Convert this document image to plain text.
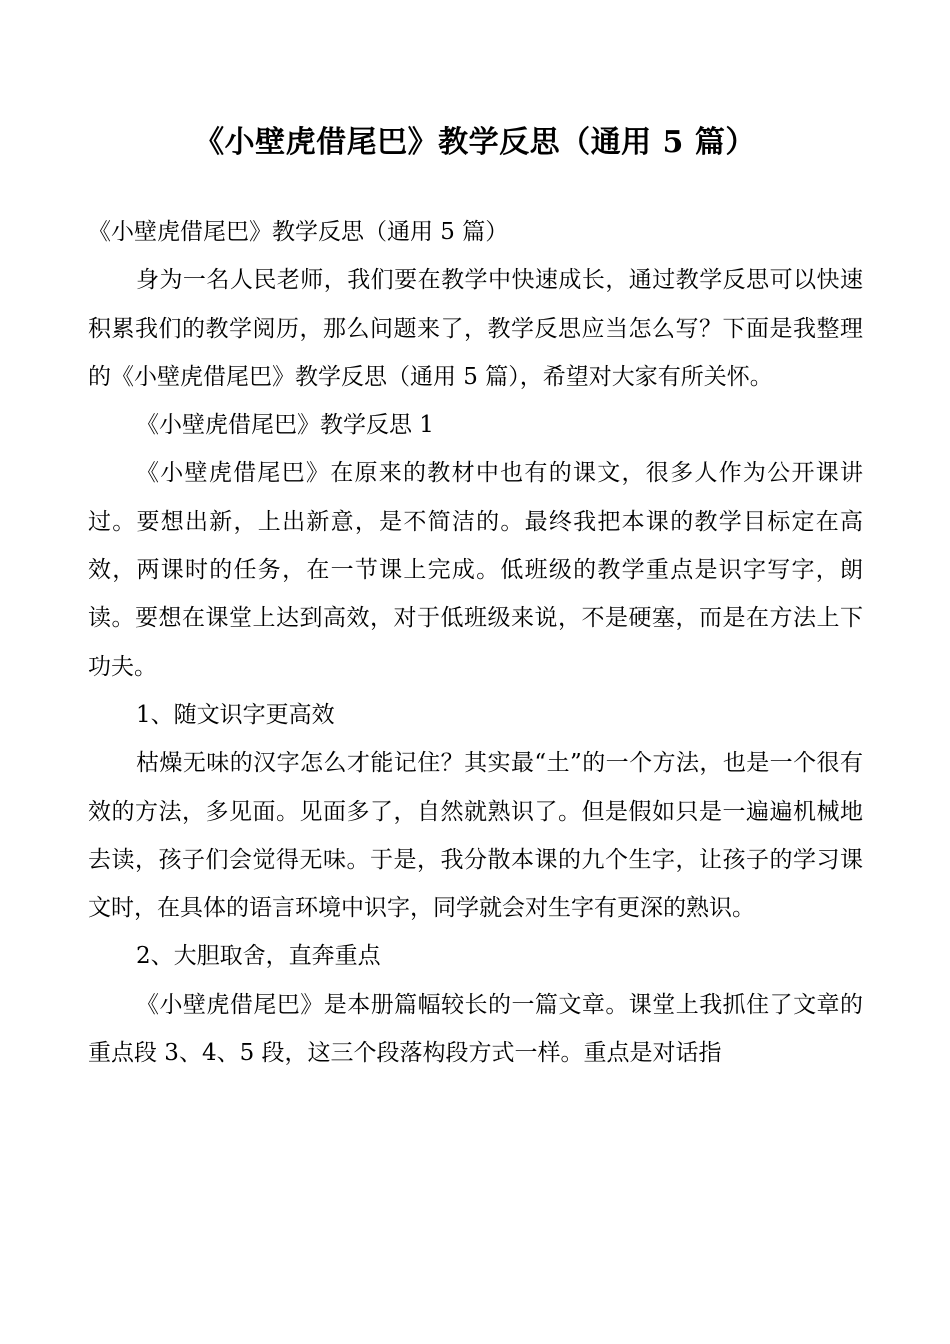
《小壁虎借尾巴》教学反思（通用 5 篇）

《小壁虎借尾巴》教学反思（通用 5 篇）

身为一名人民老师，我们要在教学中快速成长，通过教学反思可以快速积累我们的教学阅历，那么问题来了，教学反思应当怎么写？下面是我整理的《小壁虎借尾巴》教学反思（通用 5 篇），希望对大家有所关怀。

《小壁虎借尾巴》教学反思 1

《小壁虎借尾巴》在原来的教材中也有的课文，很多人作为公开课讲过。要想出新，上出新意，是不简洁的。最终我把本课的教学目标定在高效，两课时的任务，在一节课上完成。低班级的教学重点是识字写字，朗读。要想在课堂上达到高效，对于低班级来说，不是硬塞，而是在方法上下功夫。

1、随文识字更高效

枯燥无味的汉字怎么才能记住？其实最“土”的一个方法，也是一个很有效的方法，多见面。见面多了，自然就熟识了。但是假如只是一遍遍机械地去读，孩子们会觉得无味。于是，我分散本课的九个生字，让孩子的学习课文时，在具体的语言环境中识字，同学就会对生字有更深的熟识。

2、大胆取舍，直奔重点

《小壁虎借尾巴》是本册篇幅较长的一篇文章。课堂上我抓住了文章的重点段 3、4、5 段，这三个段落构段方式一样。重点是对话指
